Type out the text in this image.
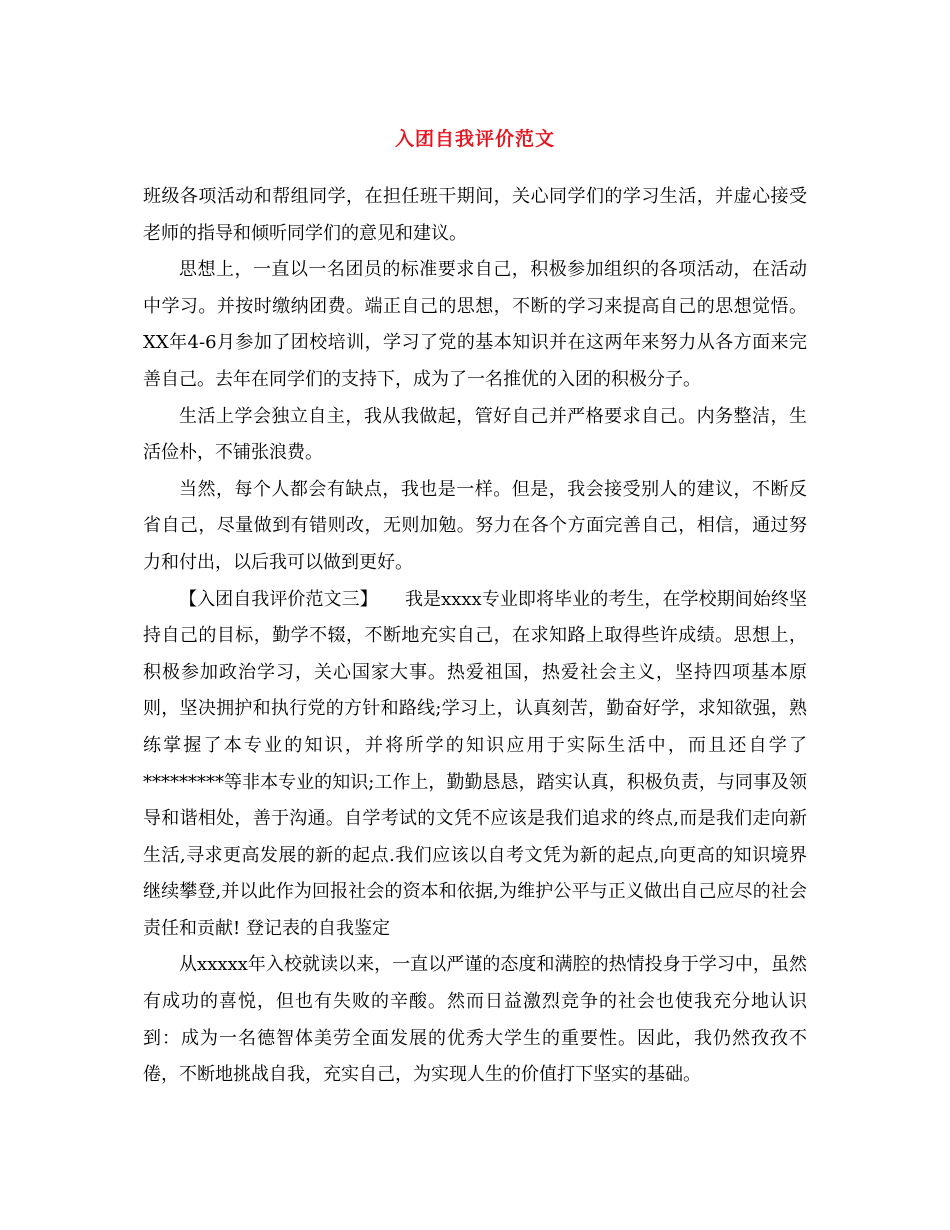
入团自我评价范文

班级各项活动和帮组同学，在担任班干期间，关心同学们的学习生活，并虚心接受老师的指导和倾听同学们的意见和建议。

思想上，一直以一名团员的标准要求自己，积极参加组织的各项活动，在活动中学习。并按时缴纳团费。端正自己的思想，不断的学习来提高自己的思想觉悟。XX年4-6月参加了团校培训，学习了党的基本知识并在这两年来努力从各方面来完善自己。去年在同学们的支持下，成为了一名推优的入团的积极分子。

生活上学会独立自主，我从我做起，管好自己并严格要求自己。内务整洁，生活俭朴，不铺张浪费。

当然，每个人都会有缺点，我也是一样。但是，我会接受别人的建议，不断反省自己，尽量做到有错则改，无则加勉。努力在各个方面完善自己，相信，通过努力和付出，以后我可以做到更好。

【入团自我评价范文三】　　我是xxxx专业即将毕业的考生，在学校期间始终坚持自己的目标，勤学不辍，不断地充实自己，在求知路上取得些许成绩。思想上，积极参加政治学习，关心国家大事。热爱祖国，热爱社会主义，坚持四项基本原则，坚决拥护和执行党的方针和路线;学习上，认真刻苦，勤奋好学，求知欲强，熟练掌握了本专业的知识，并将所学的知识应用于实际生活中，而且还自学了*********等非本专业的知识;工作上，勤勤恳恳，踏实认真，积极负责，与同事及领导和谐相处，善于沟通。自学考试的文凭不应该是我们追求的终点,而是我们走向新生活,寻求更高发展的新的起点.我们应该以自考文凭为新的起点,向更高的知识境界继续攀登,并以此作为回报社会的资本和依据,为维护公平与正义做出自己应尽的社会责任和贡献! 登记表的自我鉴定

从xxxxx年入校就读以来，一直以严谨的态度和满腔的热情投身于学习中，虽然有成功的喜悦，但也有失败的辛酸。然而日益激烈竞争的社会也使我充分地认识到：成为一名德智体美劳全面发展的优秀大学生的重要性。因此，我仍然孜孜不倦，不断地挑战自我，充实自己，为实现人生的价值打下坚实的基础。
